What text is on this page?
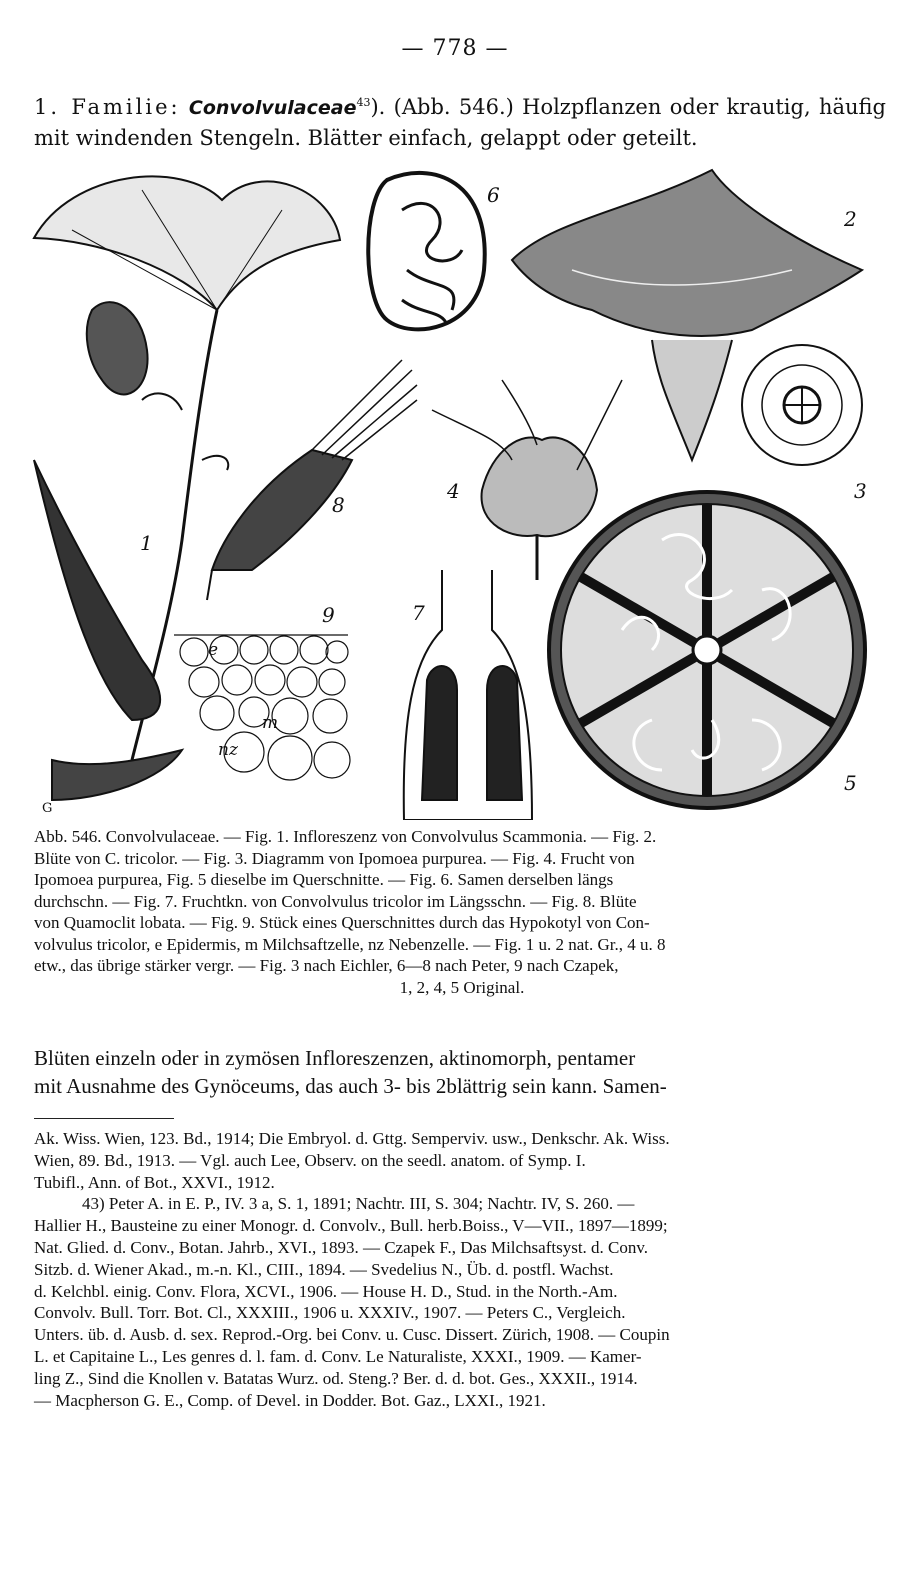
— 778 —
1. Familie: Convolvulaceae$^{43}$). (Abb. 546.) Holzpflanzen oder krautig, häufig mit windenden Stengeln. Blätter einfach, gelappt oder geteilt.
1
2
3
4
5
6
7
8
9
e
m
nz
G

Abb. 546. Convolvulaceae. — Fig. 1. Infloreszenz von Convolvulus Scammonia. — Fig. 2.

Blüte von C. tricolor. — Fig. 3. Diagramm von Ipomoea purpurea. — Fig. 4. Frucht von

Ipomoea purpurea, Fig. 5 dieselbe im Querschnitte. — Fig. 6. Samen derselben längs

durchschn. — Fig. 7. Fruchtkn. von Convolvulus tricolor im Längsschn. — Fig. 8. Blüte

von Quamoclit lobata. — Fig. 9. Stück eines Querschnittes durch das Hypokotyl von Con-

volvulus tricolor, e Epidermis, m Milchsaftzelle, nz Nebenzelle. — Fig. 1 u. 2 nat. Gr., 4 u. 8

etw., das übrige stärker vergr. — Fig. 3 nach Eichler, 6—8 nach Peter, 9 nach Czapek,

1, 2, 4, 5 Original.

Blüten einzeln oder in zymösen Infloreszenzen, aktinomorph, pentamer
mit Ausnahme des Gynöceums, das auch 3- bis 2blättrig sein kann. Samen-

Ak. Wiss. Wien, 123. Bd., 1914; Die Embryol. d. Gttg. Semperviv. usw., Denkschr. Ak. Wiss.

Wien, 89. Bd., 1913. — Vgl. auch Lee, Observ. on the seedl. anatom. of Symp. I.

Tubifl., Ann. of Bot., XXVI., 1912.

43) Peter A. in E. P., IV. 3 a, S. 1, 1891; Nachtr. III, S. 304; Nachtr. IV, S. 260. —

Hallier H., Bausteine zu einer Monogr. d. Convolv., Bull. herb.Boiss., V—VII., 1897—1899;

Nat. Glied. d. Conv., Botan. Jahrb., XVI., 1893. — Czapek F., Das Milchsaftsyst. d. Conv.

Sitzb. d. Wiener Akad., m.-n. Kl., CIII., 1894. — Svedelius N., Üb. d. postfl. Wachst.

d. Kelchbl. einig. Conv. Flora, XCVI., 1906. — House H. D., Stud. in the North.-Am.

Convolv. Bull. Torr. Bot. Cl., XXXIII., 1906 u. XXXIV., 1907. — Peters C., Vergleich.

Unters. üb. d. Ausb. d. sex. Reprod.-Org. bei Conv. u. Cusc. Dissert. Zürich, 1908. — Coupin

L. et Capitaine L., Les genres d. l. fam. d. Conv. Le Naturaliste, XXXI., 1909. — Kamer-

ling Z., Sind die Knollen v. Batatas Wurz. od. Steng.? Ber. d. d. bot. Ges., XXXII., 1914.

— Macpherson G. E., Comp. of Devel. in Dodder. Bot. Gaz., LXXI., 1921.
